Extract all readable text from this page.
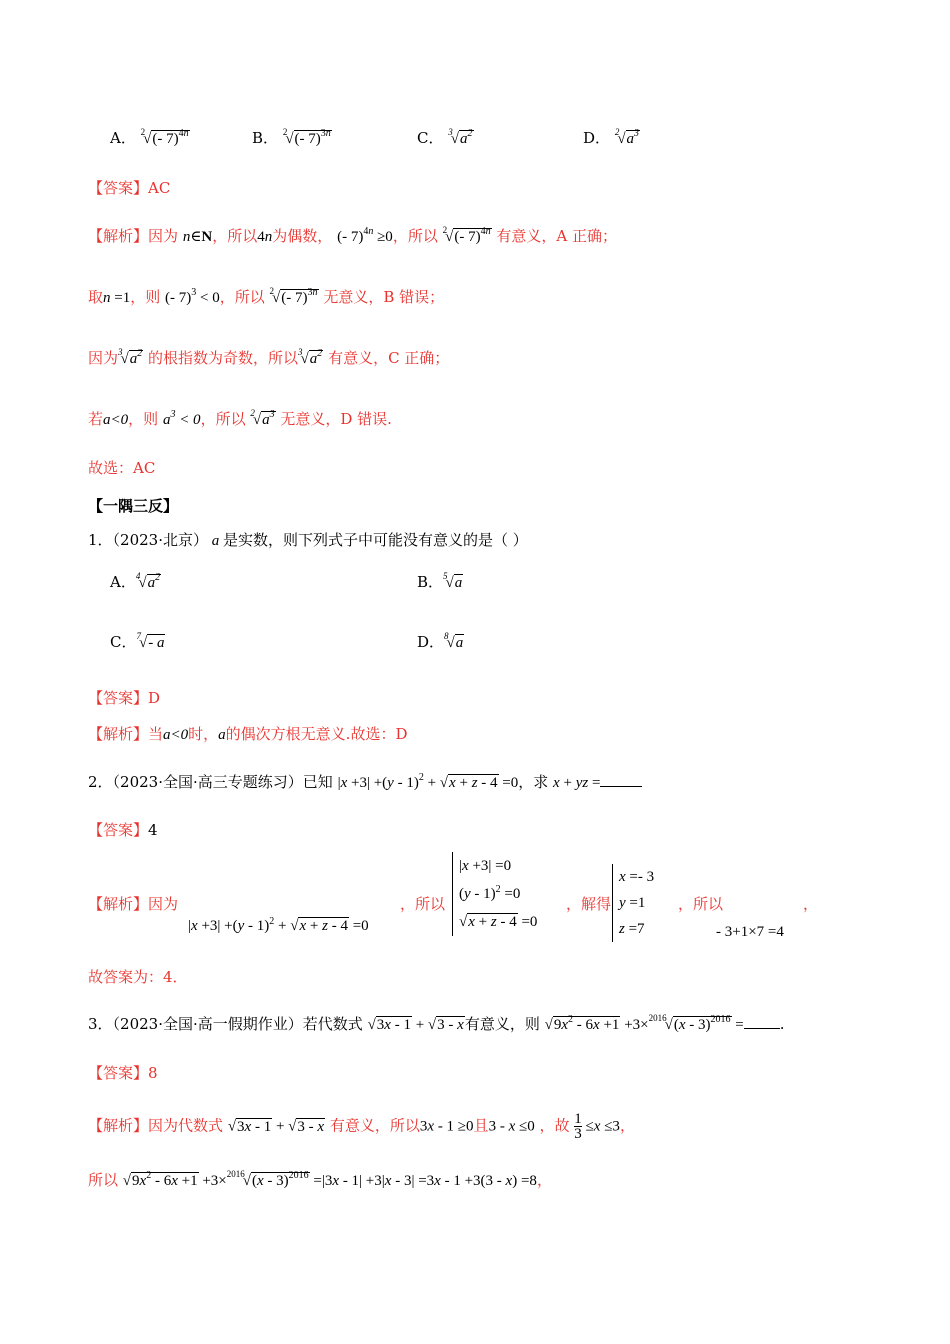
A． $^2$√(- 7)$^{4n}$	B． $^2$√(- 7)$^{3n}$	C． $^3√a^2$	D． $^2√a^3$
【答案】AC
【解析】因为 n∈N，所以4n为偶数， (- 7)$^{4n}$ ≥0，所以 $^2$√(- 7)$^{4n}$ 有意义，A 正确；
取n =1，则 (- 7)$^3$ < 0，所以 $^2$√(- 7)$^{3n}$ 无意义，B 错误；
因为$^3√a^2$ 的根指数为奇数，所以$^3√a^2$ 有意义，C 正确；
若a<0，则 $a^3 < 0$，所以 $^2√a^3$ 无意义，D 错误.
故选：AC
【一隅三反】
1．（2023·北京） a 是实数，则下列式子中可能没有意义的是（ ）
A．$^4√a^2$	B．$^5$√a
C．$^7$√- a	D．$^8$√a
【答案】D
【解析】当a<0时，a的偶次方根无意义.故选：D
2．（2023·全国·高三专题练习）已知 |x +3| +(y - 1)$^2$ + √x + z - 4 =0，求 x + yz =
【答案】4
【解析】因为
|x +3| +(y - 1)$^2$ + √x + z - 4 =0
，所以
|x +3| =0
(y - 1)$^2$ =0
√x + z - 4 =0
，解得
x =- 3
y =1
z =7
，所以
- 3+1×7 =4
，
故答案为：4．
3．（2023·全国·高一假期作业）若代数式 √3x - 1 + √3 - x有意义，则 $√9x^2 - 6x +1 +3\times^{2016}√(x - 3)^{2016}$ = .
【答案】8
【解析】因为代数式 √3x - 1 + √3 - x 有意义，所以3x - 1 ≥0且3 - x ≤0 ，故 $\frac{1}{3} \le x \le 3$，
所以 $√9x^2 - 6x +1 +3\times^{2016}√(x - 3)^{2016} =|3x - 1| +3|x - 3| =3x - 1 +3(3 - x) =8$，
